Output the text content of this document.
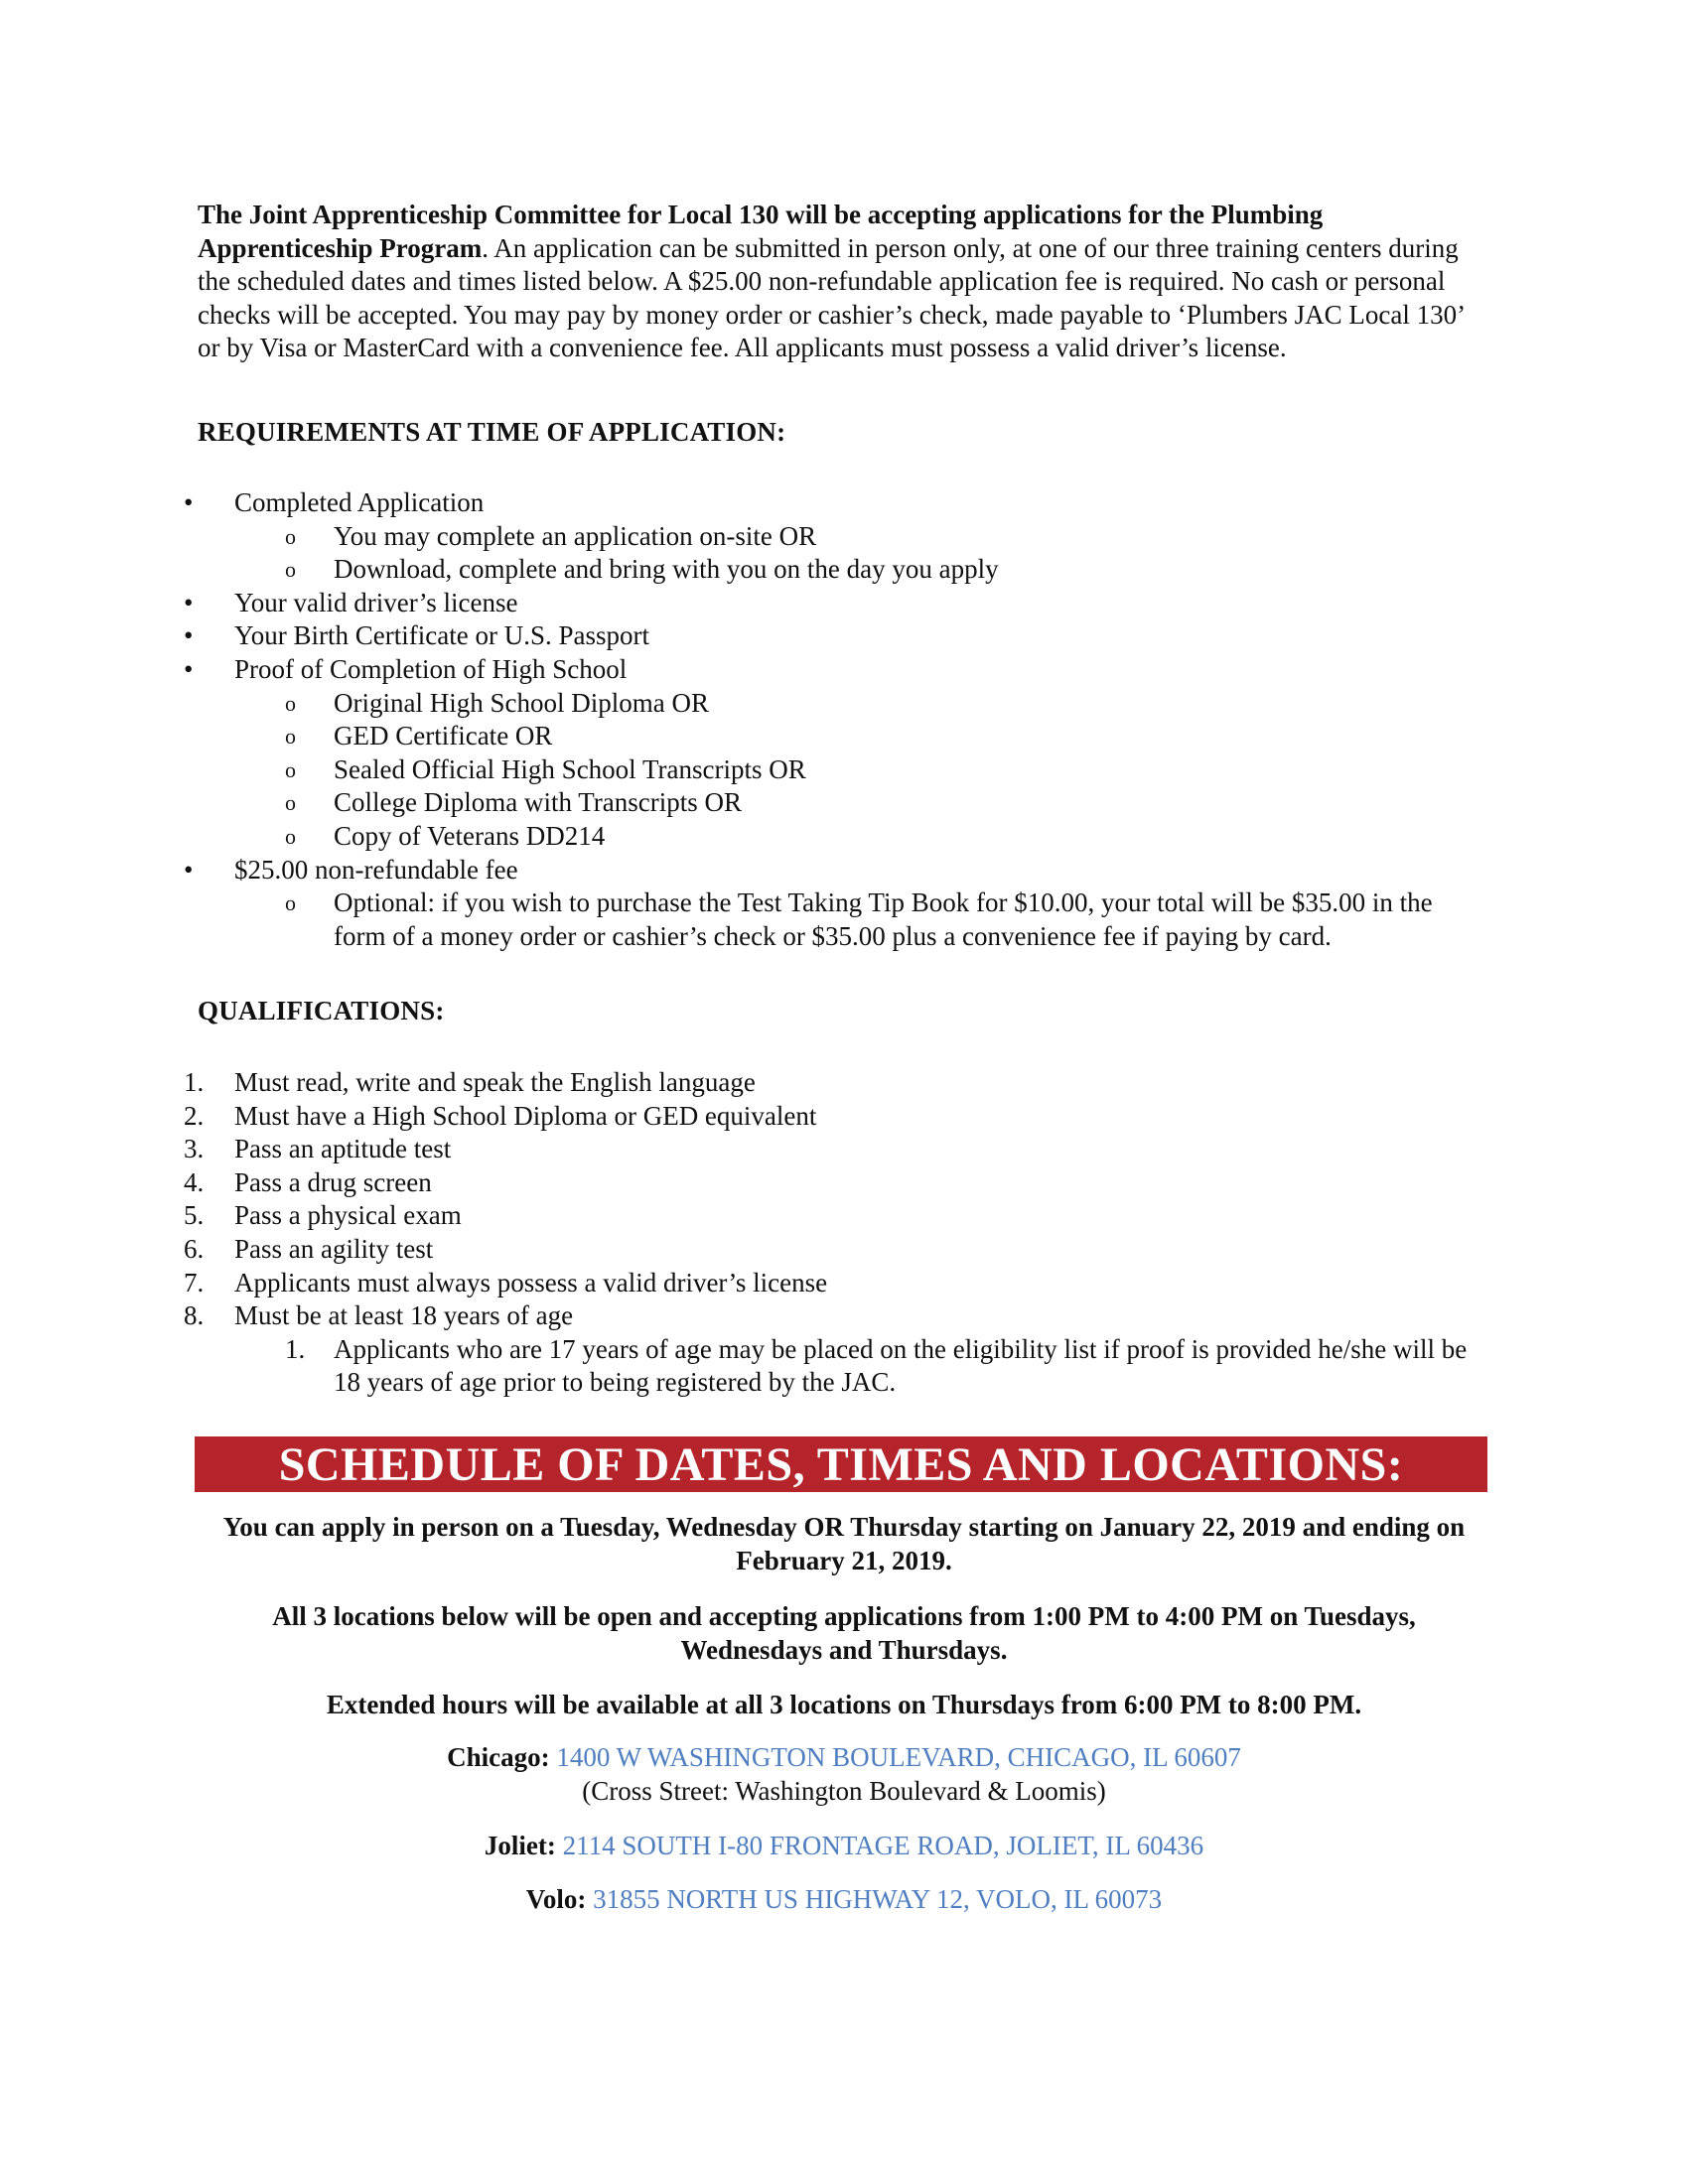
The Joint Apprenticeship Committee for Local 130 will be accepting applications for the Plumbing Apprenticeship Program. An application can be submitted in person only, at one of our three training centers during the scheduled dates and times listed below. A $25.00 non-refundable application fee is required. No cash or personal checks will be accepted. You may pay by money order or cashier’s check, made payable to ‘Plumbers JAC Local 130’ or by Visa or MasterCard with a convenience fee. All applicants must possess a valid driver’s license.

REQUIREMENTS AT TIME OF APPLICATION:

• Completed Application
o You may complete an application on-site OR
o Download, complete and bring with you on the day you apply
• Your valid driver’s license
• Your Birth Certificate or U.S. Passport
• Proof of Completion of High School
o Original High School Diploma OR
o GED Certificate OR
o Sealed Official High School Transcripts OR
o College Diploma with Transcripts OR
o Copy of Veterans DD214
• $25.00 non-refundable fee
o Optional: if you wish to purchase the Test Taking Tip Book for $10.00, your total will be $35.00 in the form of a money order or cashier’s check or $35.00 plus a convenience fee if paying by card.

QUALIFICATIONS:

1. Must read, write and speak the English language
2. Must have a High School Diploma or GED equivalent
3. Pass an aptitude test
4. Pass a drug screen
5. Pass a physical exam
6. Pass an agility test
7. Applicants must always possess a valid driver’s license
8. Must be at least 18 years of age
1. Applicants who are 17 years of age may be placed on the eligibility list if proof is provided he/she will be 18 years of age prior to being registered by the JAC.
SCHEDULE OF DATES, TIMES AND LOCATIONS:

You can apply in person on a Tuesday, Wednesday OR Thursday starting on January 22, 2019 and ending on February 21, 2019.

All 3 locations below will be open and accepting applications from 1:00 PM to 4:00 PM on Tuesdays, Wednesdays and Thursdays.

Extended hours will be available at all 3 locations on Thursdays from 6:00 PM to 8:00 PM.

Chicago: 1400 W WASHINGTON BOULEVARD, CHICAGO, IL 60607
(Cross Street: Washington Boulevard & Loomis)
Joliet: 2114 SOUTH I-80 FRONTAGE ROAD, JOLIET, IL 60436
Volo: 31855 NORTH US HIGHWAY 12, VOLO, IL 60073
